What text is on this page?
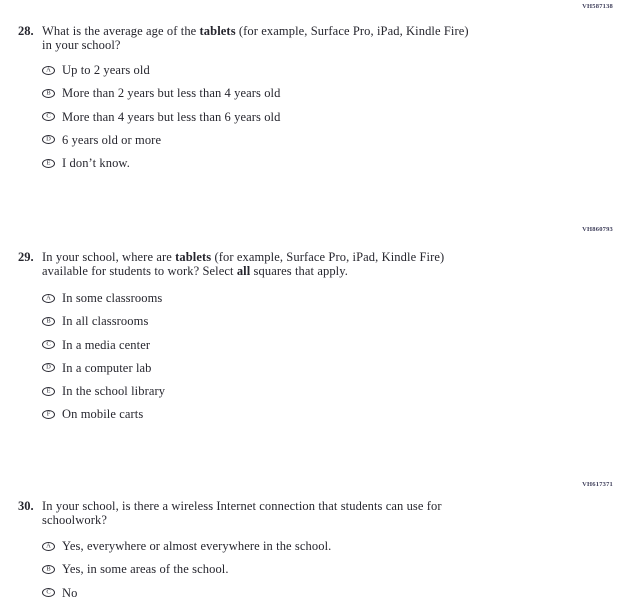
VH587138
28. What is the average age of the tablets (for example, Surface Pro, iPad, Kindle Fire)
in your school?
A Up to 2 years old
B More than 2 years but less than 4 years old
C More than 4 years but less than 6 years old
D 6 years old or more
E I don’t know.
VH860793
29. In your school, where are tablets (for example, Surface Pro, iPad, Kindle Fire)
available for students to work? Select all squares that apply.
A In some classrooms
B In all classrooms
C In a media center
D In a computer lab
E In the school library
F On mobile carts
VH617371
30. In your school, is there a wireless Internet connection that students can use for
schoolwork?
A Yes, everywhere or almost everywhere in the school.
B Yes, in some areas of the school.
C No
